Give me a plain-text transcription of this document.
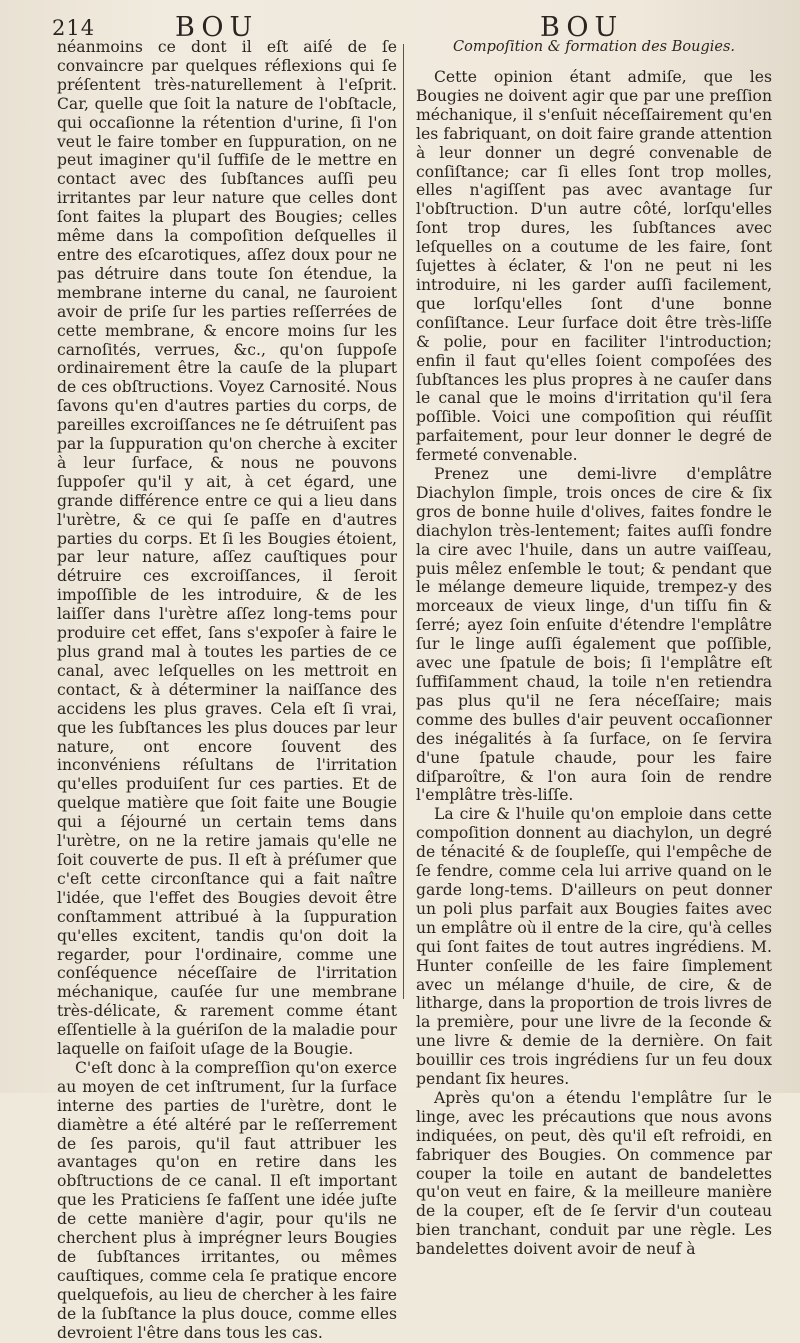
214	BOU	BOU

néanmoins ce dont il eſt aiſé de ſe convaincre par quelques réflexions qui ſe préſentent très-naturellement à l'eſprit. Car, quelle que ſoit la nature de l'obſtacle, qui occaſionne la rétention d'urine, ſi l'on veut le faire tomber en ſuppuration, on ne peut imaginer qu'il ſuffiſe de le mettre en contact avec des ſubſtances auſſi peu irritantes par leur nature que celles dont ſont faites la plupart des Bougies; celles même dans la compoſition deſquelles il entre des eſcarotiques, aſſez doux pour ne pas détruire dans toute ſon étendue, la membrane interne du canal, ne ſauroient avoir de priſe ſur les parties reſſerrées de cette membrane, & encore moins ſur les carnoſités, verrues, &c., qu'on ſuppoſe ordinairement être la cauſe de la plupart de ces obſtructions. Voyez Carnosité. Nous ſavons qu'en d'autres parties du corps, de pareilles excroiſſances ne ſe détruiſent pas par la ſuppuration qu'on cherche à exciter à leur ſurface, & nous ne pouvons ſuppoſer qu'il y ait, à cet égard, une grande différence entre ce qui a lieu dans l'urètre, & ce qui ſe paſſe en d'autres parties du corps. Et ſi les Bougies étoient, par leur nature, aſſez cauſtiques pour détruire ces excroiſſances, il ſeroit impoſſible de les introduire, & de les laiſſer dans l'urètre aſſez long-tems pour produire cet effet, ſans s'expoſer à faire le plus grand mal à toutes les parties de ce canal, avec leſquelles on les mettroit en contact, & à déterminer la naiſſance des accidens les plus graves. Cela eſt ſi vrai, que les ſubſtances les plus douces par leur nature, ont encore ſouvent des inconvéniens réſultans de l'irritation qu'elles produiſent ſur ces parties. Et de quelque matière que ſoit faite une Bougie qui a ſéjourné un certain tems dans l'urètre, on ne la retire jamais qu'elle ne ſoit couverte de pus. Il eſt à préſumer que c'eſt cette circonſtance qui a fait naître l'idée, que l'effet des Bougies devoit être conſtamment attribué à la ſuppuration qu'elles excitent, tandis qu'on doit la regarder, pour l'ordinaire, comme une conſéquence néceſſaire de l'irritation méchanique, cauſée ſur une membrane très-délicate, & rarement comme étant eſſentielle à la guériſon de la maladie pour laquelle on faiſoit uſage de la Bougie.

C'eſt donc à la compreſſion qu'on exerce au moyen de cet inſtrument, ſur la ſurface interne des parties de l'urètre, dont le diamètre a été altéré par le reſſerrement de ſes parois, qu'il faut attribuer les avantages qu'on en retire dans les obſtructions de ce canal. Il eſt important que les Praticiens ſe faſſent une idée juſte de cette manière d'agir, pour qu'ils ne cherchent plus à imprégner leurs Bougies de ſubſtances irritantes, ou mêmes cauſtiques, comme cela ſe pratique encore quelquefois, au lieu de chercher à les faire de la ſubſtance la plus douce, comme elles devroient l'être dans tous les cas.

Compoſition & formation des Bougies.

Cette opinion étant admiſe, que les Bougies ne doivent agir que par une preſſion méchanique, il s'enſuit néceſſairement qu'en les fabriquant, on doit faire grande attention à leur donner un degré convenable de conſiſtance; car ſi elles ſont trop molles, elles n'agiſſent pas avec avantage ſur l'obſtruction. D'un autre côté, lorſqu'elles ſont trop dures, les ſubſtances avec leſquelles on a coutume de les faire, ſont ſujettes à éclater, & l'on ne peut ni les introduire, ni les garder auſſi facilement, que lorſqu'elles ſont d'une bonne conſiſtance. Leur ſurface doit être très-liſſe & polie, pour en faciliter l'introduction; enfin il faut qu'elles ſoient compoſées des ſubſtances les plus propres à ne cauſer dans le canal que le moins d'irritation qu'il ſera poſſible. Voici une compoſition qui réuſſit parfaitement, pour leur donner le degré de fermeté convenable.

Prenez une demi-livre d'emplâtre Diachylon ſimple, trois onces de cire & ſix gros de bonne huile d'olives, faites fondre le diachylon très-lentement; faites auſſi fondre la cire avec l'huile, dans un autre vaiſſeau, puis mêlez enſemble le tout; & pendant que le mélange demeure liquide, trempez-y des morceaux de vieux linge, d'un tiſſu fin & ſerré; ayez ſoin enſuite d'étendre l'emplâtre ſur le linge auſſi également que poſſible, avec une ſpatule de bois; ſi l'emplâtre eſt ſuffiſamment chaud, la toile n'en retiendra pas plus qu'il ne ſera néceſſaire; mais comme des bulles d'air peuvent occaſionner des inégalités à ſa ſurface, on ſe ſervira d'une ſpatule chaude, pour les faire diſparoître, & l'on aura ſoin de rendre l'emplâtre très-liſſe.

La cire & l'huile qu'on emploie dans cette compoſition donnent au diachylon, un degré de ténacité & de ſoupleſſe, qui l'empêche de ſe fendre, comme cela lui arrive quand on le garde long-tems. D'ailleurs on peut donner un poli plus parfait aux Bougies faites avec un emplâtre où il entre de la cire, qu'à celles qui ſont faites de tout autres ingrédiens. M. Hunter conſeille de les faire ſimplement avec un mélange d'huile, de cire, & de litharge, dans la proportion de trois livres de la première, pour une livre de la ſeconde & une livre & demie de la dernière. On fait bouillir ces trois ingrédiens ſur un feu doux pendant ſix heures.

Après qu'on a étendu l'emplâtre ſur le linge, avec les précautions que nous avons indiquées, on peut, dès qu'il eſt refroidi, en fabriquer des Bougies. On commence par couper la toile en autant de bandelettes qu'on veut en faire, & la meilleure manière de la couper, eſt de ſe ſervir d'un couteau bien tranchant, conduit par une règle. Les bandelettes doivent avoir de neuf à
